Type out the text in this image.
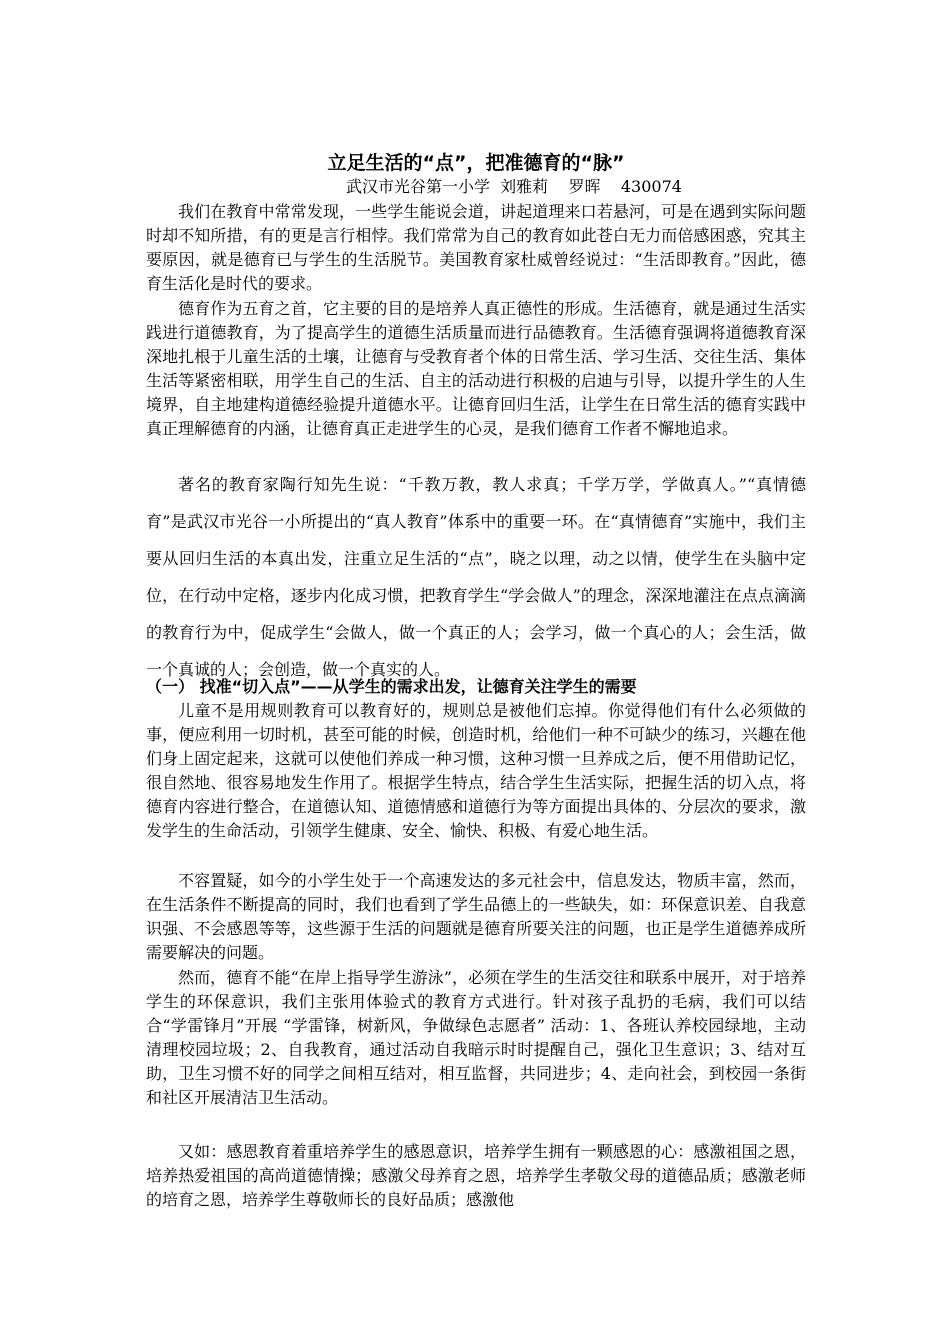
立足生活的“点”，把准德育的“脉”
武汉市光谷第一小学  刘雅莉    罗晖    430074
我们在教育中常常发现，一些学生能说会道，讲起道理来口若悬河，可是在遇到实际问题时却不知所措，有的更是言行相悖。我们常常为自己的教育如此苍白无力而倍感困惑，究其主要原因，就是德育已与学生的生活脱节。美国教育家杜威曾经说过：“生活即教育。”因此，德育生活化是时代的要求。
德育作为五育之首，它主要的目的是培养人真正德性的形成。生活德育，就是通过生活实践进行道德教育，为了提高学生的道德生活质量而进行品德教育。生活德育强调将道德教育深深地扎根于儿童生活的土壤，让德育与受教育者个体的日常生活、学习生活、交往生活、集体生活等紧密相联，用学生自己的生活、自主的活动进行积极的启迪与引导，以提升学生的人生境界，自主地建构道德经验提升道德水平。让德育回归生活，让学生在日常生活的德育实践中真正理解德育的内涵，让德育真正走进学生的心灵，是我们德育工作者不懈地追求。
著名的教育家陶行知先生说：“千教万教，教人求真；千学万学，学做真人。”“真情德育”是武汉市光谷一小所提出的“真人教育”体系中的重要一环。在“真情德育”实施中，我们主要从回归生活的本真出发，注重立足生活的“点”，晓之以理，动之以情，使学生在头脑中定位，在行动中定格，逐步内化成习惯，把教育学生“学会做人”的理念，深深地灌注在点点滴滴的教育行为中，促成学生“会做人，做一个真正的人；会学习，做一个真心的人；会生活，做一个真诚的人；会创造，做一个真实的人。
（一） 找准“切入点”——从学生的需求出发，让德育关注学生的需要
儿童不是用规则教育可以教育好的，规则总是被他们忘掉。你觉得他们有什么必须做的事，便应利用一切时机，甚至可能的时候，创造时机，给他们一种不可缺少的练习，兴趣在他们身上固定起来，这就可以使他们养成一种习惯，这种习惯一旦养成之后，便不用借助记忆，很自然地、很容易地发生作用了。根据学生特点，结合学生生活实际，把握生活的切入点，将德育内容进行整合，在道德认知、道德情感和道德行为等方面提出具体的、分层次的要求，激发学生的生命活动，引领学生健康、安全、愉快、积极、有爱心地生活。
不容置疑，如今的小学生处于一个高速发达的多元社会中，信息发达，物质丰富，然而，在生活条件不断提高的同时，我们也看到了学生品德上的一些缺失，如：环保意识差、自我意识强、不会感恩等等，这些源于生活的问题就是德育所要关注的问题，也正是学生道德养成所需要解决的问题。
然而，德育不能“在岸上指导学生游泳”，必须在学生的生活交往和联系中展开，对于培养学生的环保意识，我们主张用体验式的教育方式进行。针对孩子乱扔的毛病，我们可以结合“学雷锋月”开展 “学雷锋，树新风，争做绿色志愿者” 活动：1、各班认养校园绿地，主动清理校园垃圾；2、自我教育，通过活动自我暗示时时提醒自己，强化卫生意识；3、结对互助，卫生习惯不好的同学之间相互结对，相互监督，共同进步；4、走向社会，到校园一条街和社区开展清洁卫生活动。
又如：感恩教育着重培养学生的感恩意识，培养学生拥有一颗感恩的心：感激祖国之恩，培养热爱祖国的高尚道德情操；感激父母养育之恩，培养学生孝敬父母的道德品质；感激老师的培育之恩，培养学生尊敬师长的良好品质；感激他
